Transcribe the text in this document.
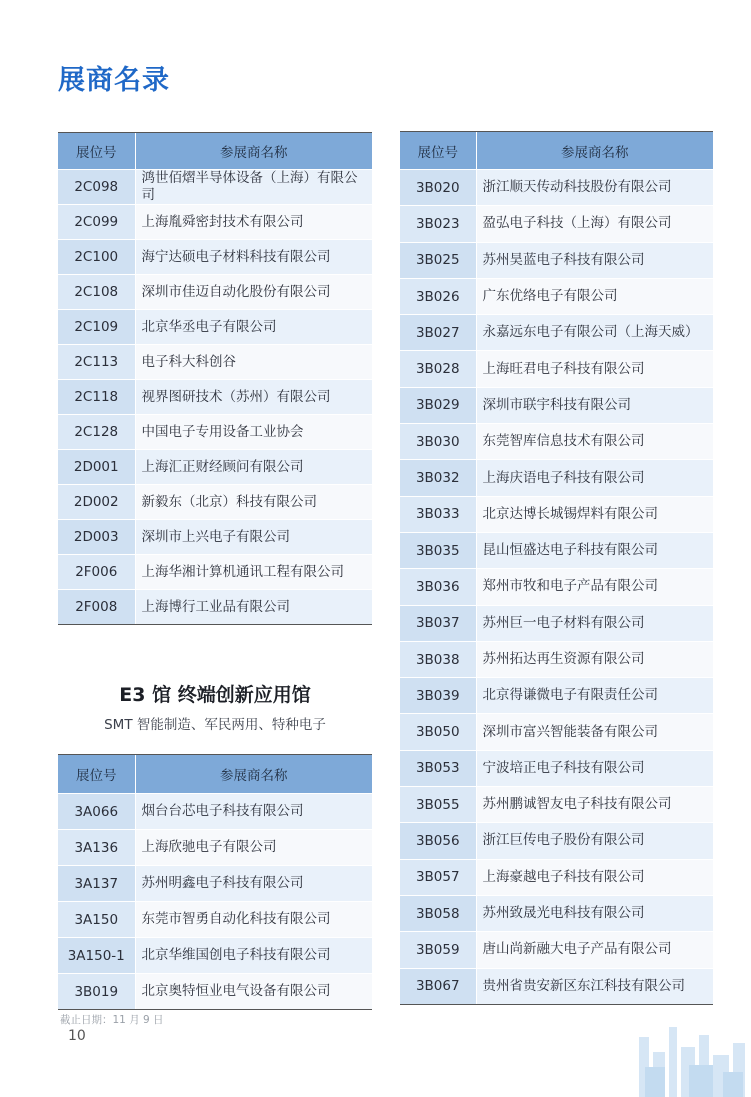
展商名录
展位号	参展商名称
2C098	鸿世佰熠半导体设备（上海）有限公司
2C099	上海胤舜密封技术有限公司
2C100	海宁达硕电子材料科技有限公司
2C108	深圳市佳迈自动化股份有限公司
2C109	北京华丞电子有限公司
2C113	电子科大科创谷
2C118	视界图研技术（苏州）有限公司
2C128	中国电子专用设备工业协会
2D001	上海汇正财经顾问有限公司
2D002	新毅东（北京）科技有限公司
2D003	深圳市上兴电子有限公司
2F006	上海华湘计算机通讯工程有限公司
2F008	上海博行工业品有限公司
E3 馆 终端创新应用馆
SMT 智能制造、军民两用、特种电子
展位号	参展商名称
3A066	烟台台芯电子科技有限公司
3A136	上海欣驰电子有限公司
3A137	苏州明鑫电子科技有限公司
3A150	东莞市智勇自动化科技有限公司
3A150-1	北京华维国创电子科技有限公司
3B019	北京奥特恒业电气设备有限公司
展位号	参展商名称
3B020	浙江顺天传动科技股份有限公司
3B023	盈弘电子科技（上海）有限公司
3B025	苏州昊蓝电子科技有限公司
3B026	广东优络电子有限公司
3B027	永嘉远东电子有限公司（上海天威）
3B028	上海旺君电子科技有限公司
3B029	深圳市联宇科技有限公司
3B030	东莞智库信息技术有限公司
3B032	上海庆语电子科技有限公司
3B033	北京达博长城锡焊料有限公司
3B035	昆山恒盛达电子科技有限公司
3B036	郑州市牧和电子产品有限公司
3B037	苏州巨一电子材料有限公司
3B038	苏州拓达再生资源有限公司
3B039	北京得谦微电子有限责任公司
3B050	深圳市富兴智能装备有限公司
3B053	宁波培正电子科技有限公司
3B055	苏州鹏诚智友电子科技有限公司
3B056	浙江巨传电子股份有限公司
3B057	上海豪越电子科技有限公司
3B058	苏州致晟光电科技有限公司
3B059	唐山尚新融大电子产品有限公司
3B067	贵州省贵安新区东江科技有限公司
截止日期：11 月 9 日
10
